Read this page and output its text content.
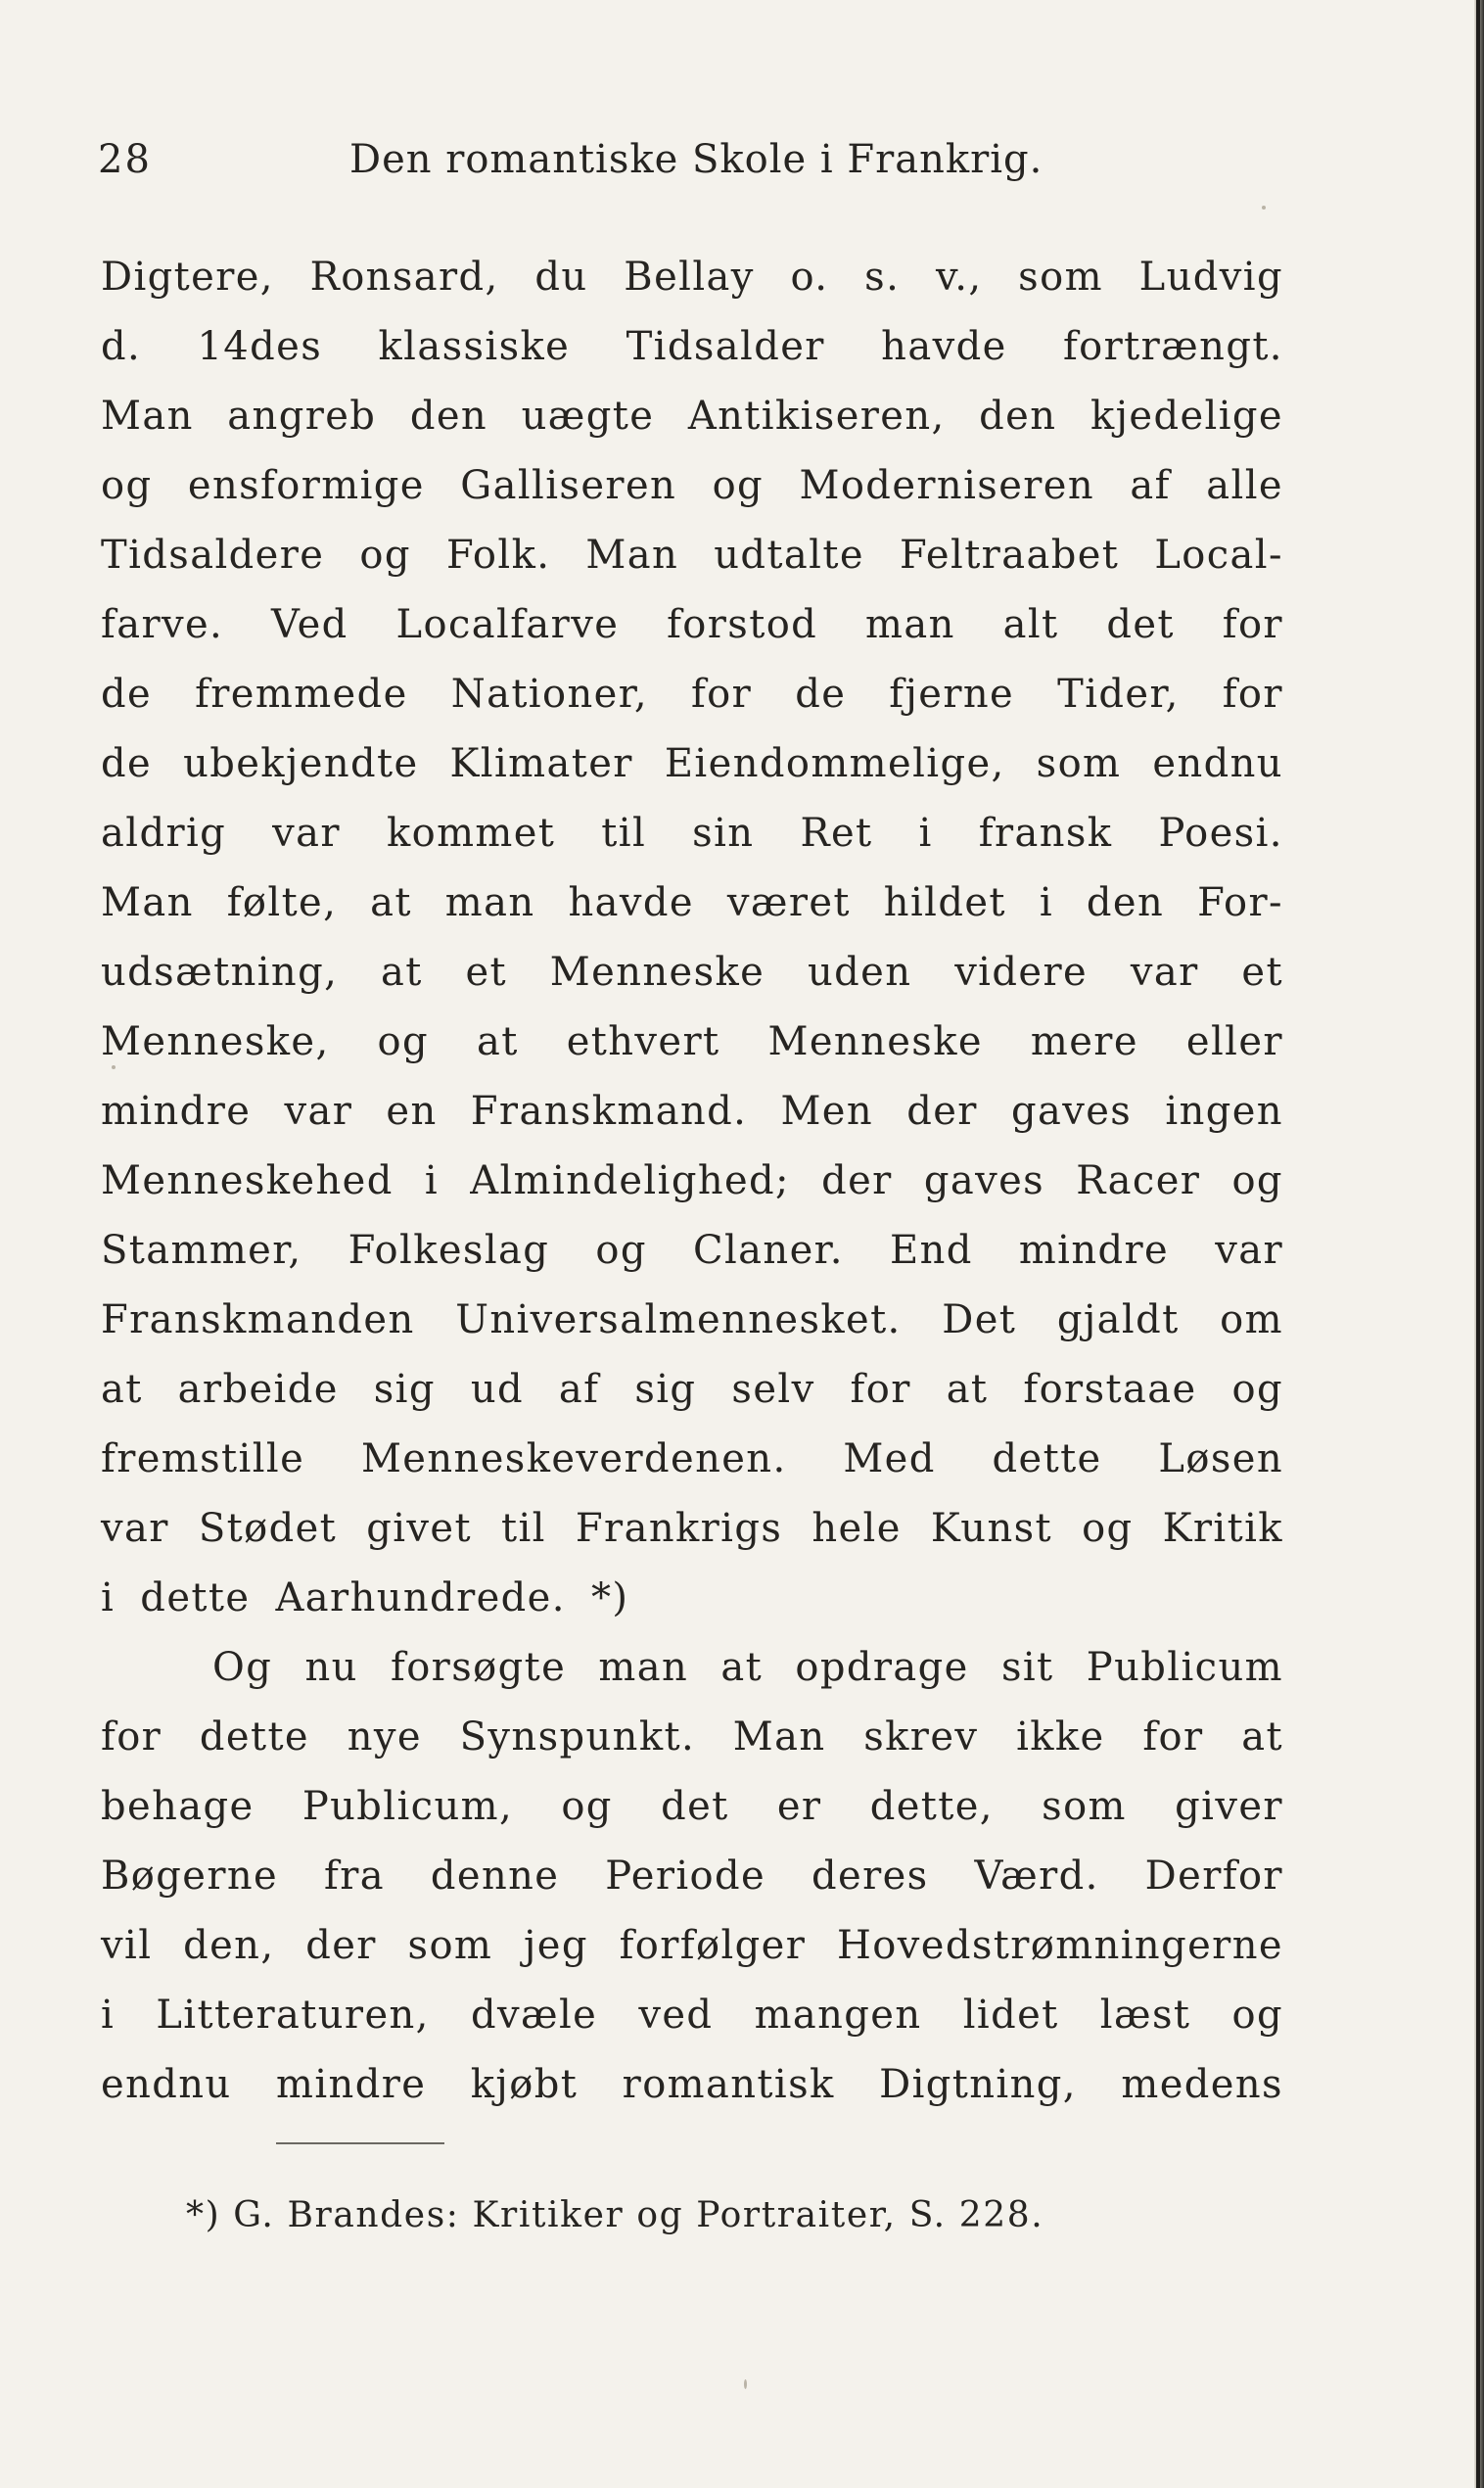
28	Den romantiske Skole i Frankrig.
Digtere, Ronsard, du Bellay o. s. v., som Ludvig
d. 14des klassiske Tidsalder havde fortrængt.
Man angreb den uægte Antikiseren, den kjedelige
og ensformige Galliseren og Moderniseren af alle
Tidsaldere og Folk. Man udtalte Feltraabet Local-
farve. Ved Localfarve forstod man alt det for
de fremmede Nationer, for de fjerne Tider, for
de ubekjendte Klimater Eiendommelige, som endnu
aldrig var kommet til sin Ret i fransk Poesi.
Man følte, at man havde været hildet i den For-
udsætning, at et Menneske uden videre var et
Menneske, og at ethvert Menneske mere eller
mindre var en Franskmand. Men der gaves ingen
Menneskehed i Almindelighed; der gaves Racer og
Stammer, Folkeslag og Claner. End mindre var
Franskmanden Universalmennesket. Det gjaldt om
at arbeide sig ud af sig selv for at forstaae og
fremstille Menneskeverdenen. Med dette Løsen
var Stødet givet til Frankrigs hele Kunst og Kritik
i dette Aarhundrede. *)
Og nu forsøgte man at opdrage sit Publicum
for dette nye Synspunkt. Man skrev ikke for at
behage Publicum, og det er dette, som giver
Bøgerne fra denne Periode deres Værd. Derfor
vil den, der som jeg forfølger Hovedstrømningerne
i Litteraturen, dvæle ved mangen lidet læst og
endnu mindre kjøbt romantisk Digtning, medens
*) G. Brandes: Kritiker og Portraiter, S. 228.
